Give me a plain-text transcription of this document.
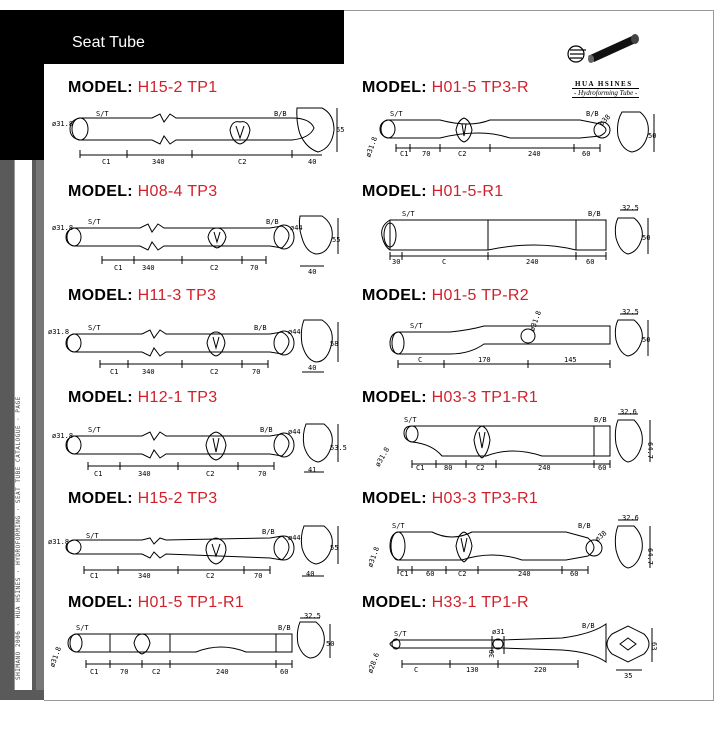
SHIMANO 2006 · HUA HSINES · HYDROFORMING · SEAT TUBE CATALOGUE · PAGE
Seat Tube
HUA HSINES
- Hydroforming Tube -
MODEL: H15-2 TP1
S/T	B/B
ø31.8
C1	340	C2	40
55
MODEL: H08-4 TP3
S/T	B/B
ø31.8	ø44
C1	340	C2	70	40
55
MODEL: H11-3 TP3
S/T	B/B
ø31.8	ø44
C1	340	C2	70	40
58
MODEL: H12-1 TP3
S/T	B/B
ø31.8	ø44
C1	340	C2	70	41
53.5
MODEL: H15-2 TP3
S/T	B/B
ø31.8	ø44
C1	340	C2	70	40
55
MODEL: H01-5 TP1-R1
S/T	B/B
ø31.8
C1	70	C2	240	60
32.5
50
MODEL: H01-5 TP3-R
S/T	B/B
ø31.8
ø38
C1 70	C2	240	60
50
MODEL: H01-5-R1
S/T	B/B
30	C	240	60
32.5
50
MODEL: H01-5 TP-R2
S/T	ø31.8
C	170	145
32.5
50
MODEL: H03-3 TP1-R1
S/T	B/B
ø31.8	C1	80	C2	240	60
32.6
64.7
MODEL: H03-3 TP3-R1
S/T	B/B
ø31.8
ø38
C1	60	C2	240	60
32.6
64.7
MODEL: H33-1 TP1-R
S/T
B/B
ø28.6
ø31
39
C	130	220
35
63
